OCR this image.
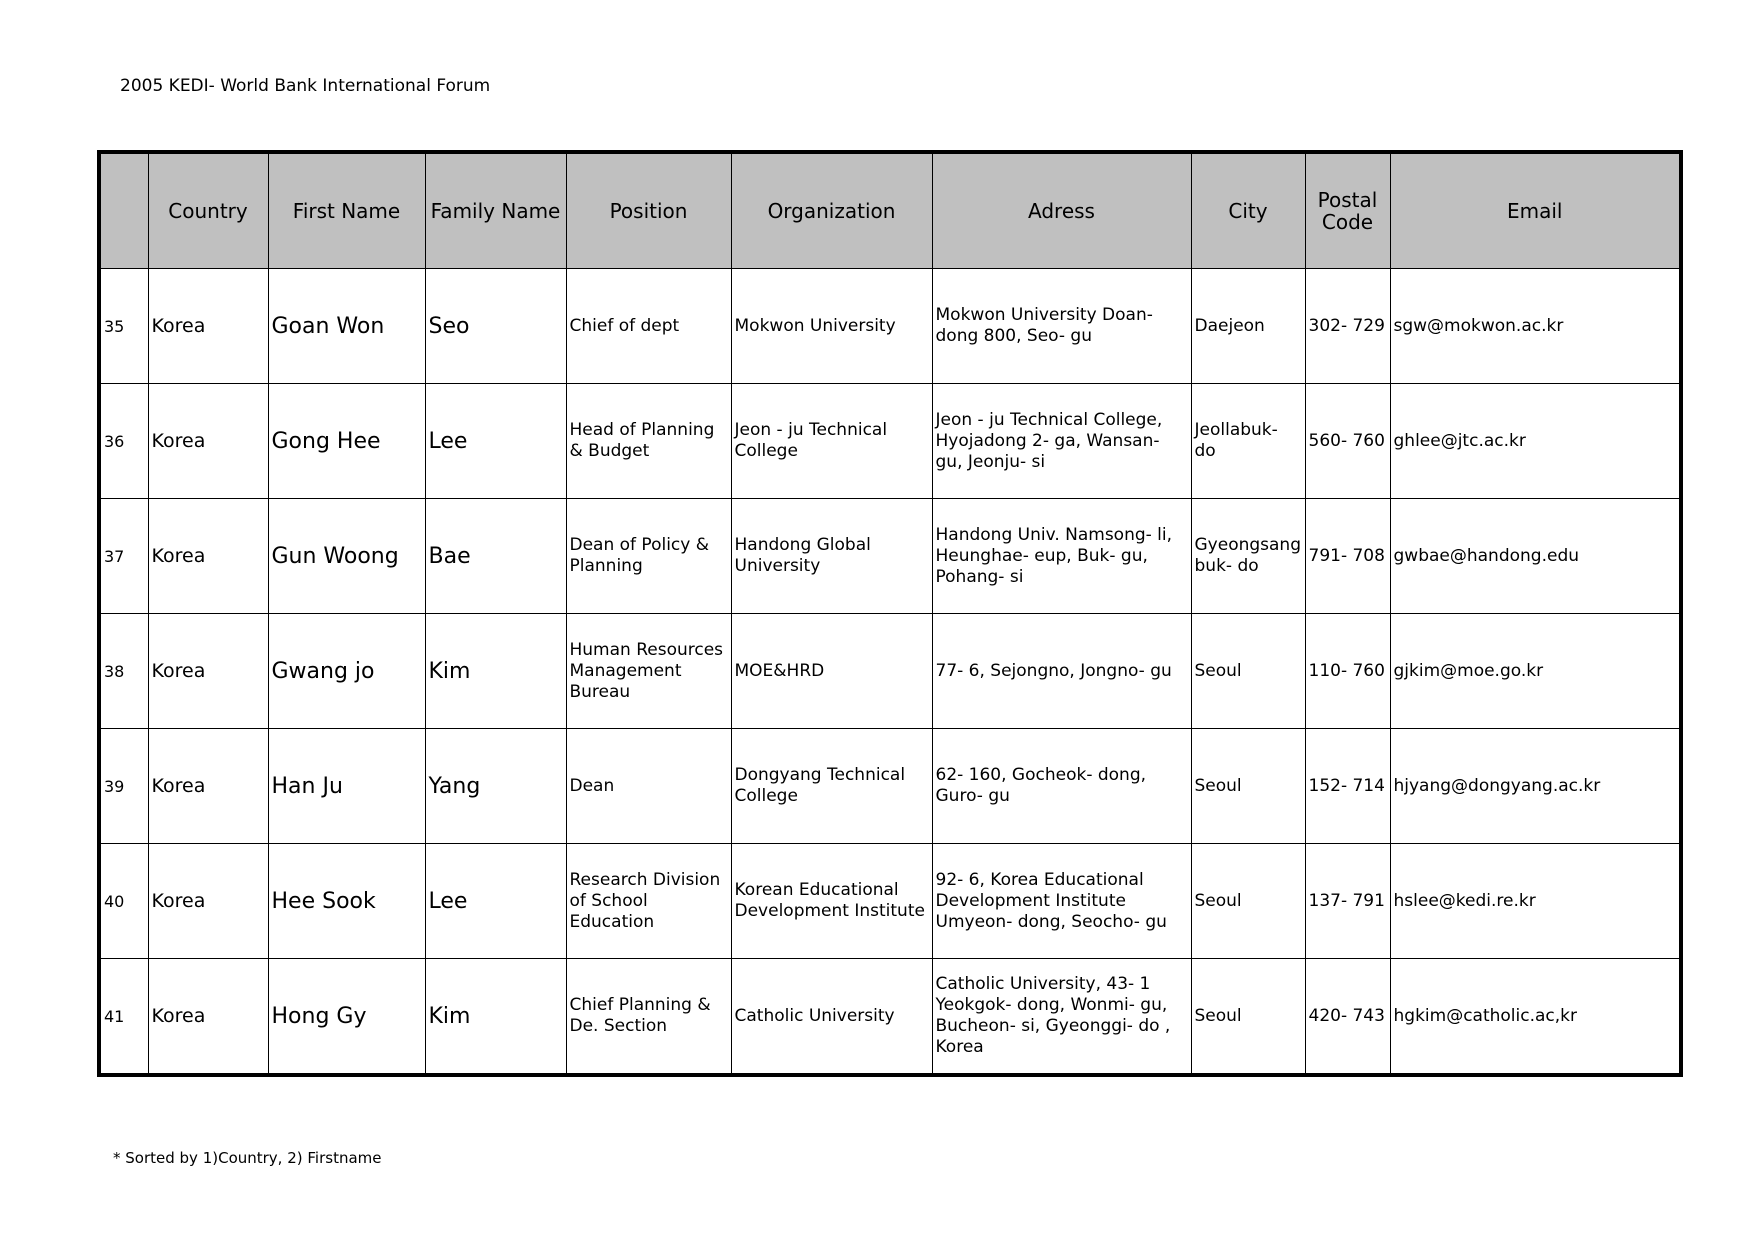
2005 KEDI- World Bank International Forum
	Country	First Name	Family Name	Position	Organization	Adress	City	Postal Code	Email
35	Korea	Goan Won	Seo	Chief of dept	Mokwon University	Mokwon University Doan- dong 800, Seo- gu	Daejeon	302- 729	sgw@mokwon.ac.kr
36	Korea	Gong Hee	Lee	Head of Planning & Budget	Jeon - ju Technical College	Jeon - ju Technical College, Hyojadong 2- ga, Wansan- gu, Jeonju- si	Jeollabuk- do	560- 760	ghlee@jtc.ac.kr
37	Korea	Gun Woong	Bae	Dean of Policy & Planning	Handong Global University	Handong Univ. Namsong- li, Heunghae- eup, Buk- gu, Pohang- si	Gyeongsangbuk- do	791- 708	gwbae@handong.edu
38	Korea	Gwang jo	Kim	Human Resources Management Bureau	MOE&HRD	77- 6, Sejongno, Jongno- gu	Seoul	110- 760	gjkim@moe.go.kr
39	Korea	Han Ju	Yang	Dean	Dongyang Technical College	62- 160, Gocheok- dong, Guro- gu	Seoul	152- 714	hjyang@dongyang.ac.kr
40	Korea	Hee Sook	Lee	Research Division of School Education	Korean Educational Development Institute	92- 6, Korea Educational Development Institute Umyeon- dong, Seocho- gu	Seoul	137- 791	hslee@kedi.re.kr
41	Korea	Hong Gy	Kim	Chief Planning & De. Section	Catholic University	Catholic University, 43- 1 Yeokgok- dong, Wonmi- gu, Bucheon- si, Gyeonggi- do , Korea	Seoul	420- 743	hgkim@catholic.ac,kr
* Sorted by 1)Country, 2) Firstname
